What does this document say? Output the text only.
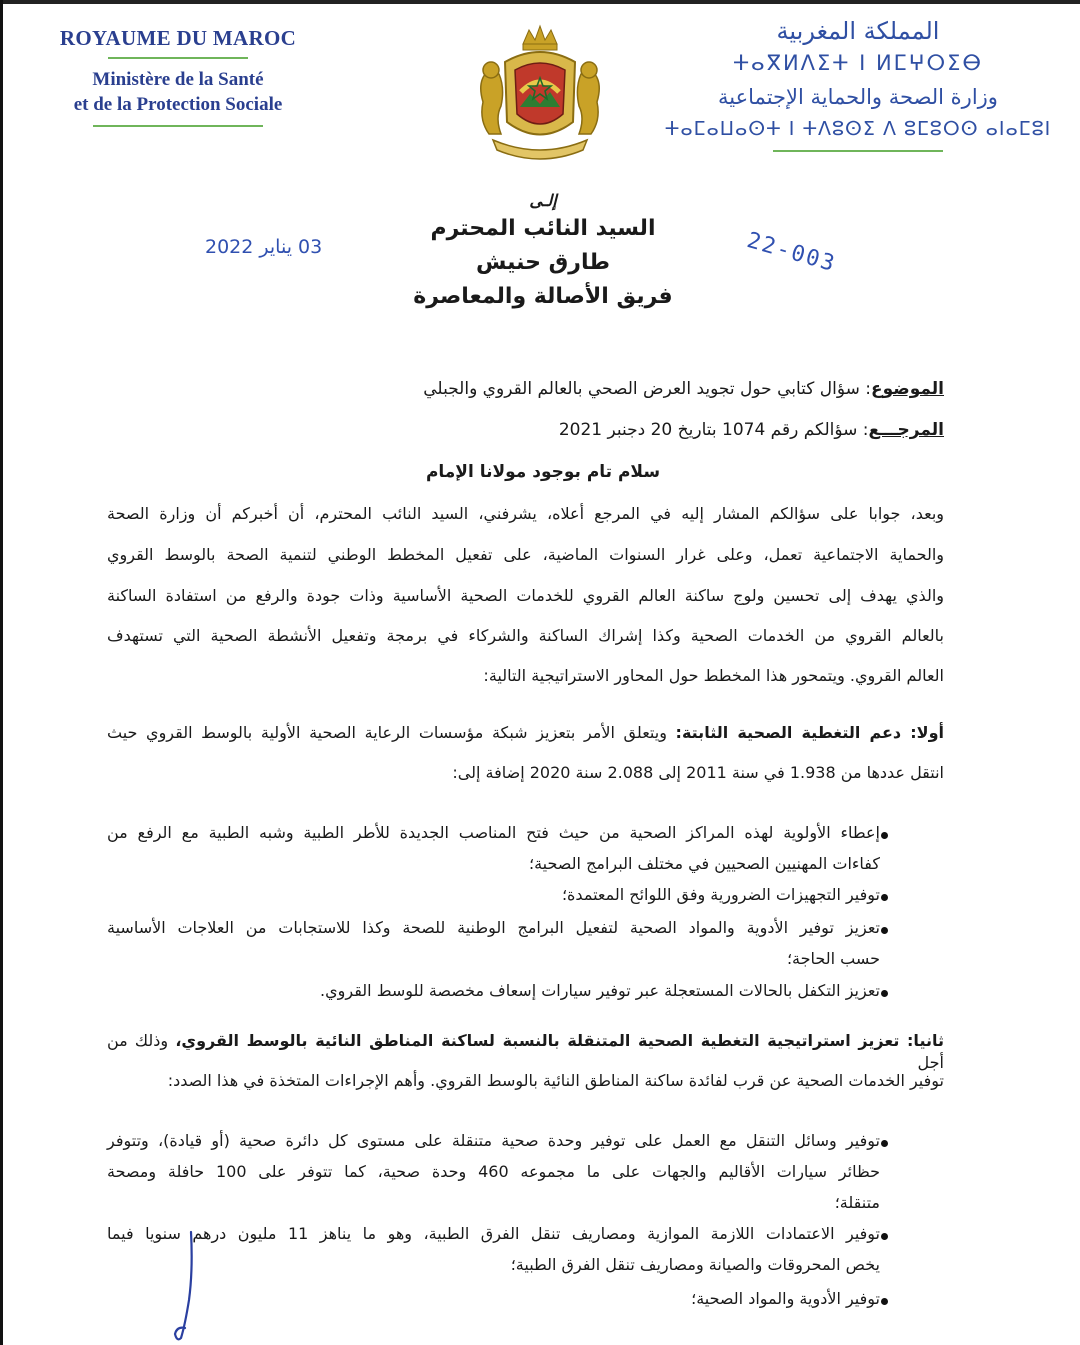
ROYAUME DU MAROC
Ministère de la Santé
et de la Protection Sociale
المملكة المغربية
ⵜⴰⴳⵍⴷⵉⵜ ⵏ ⵍⵎⵖⵔⵉⴱ
وزارة الصحة والحماية الإجتماعية
ⵜⴰⵎⴰⵡⴰⵙⵜ ⵏ ⵜⴷⵓⵙⵉ ⴷ ⵓⵎⵓⵔⵙ ⴰⵏⴰⵎⵓⵏ
03 يناير 2022	22-003
إلـى
السيد النائب المحترم
طارق حنيش
فريق الأصالة والمعاصرة
الموضوع: سؤال كتابي حول تجويد العرض الصحي بالعالم القروي والجبلي
المرجـــع: سؤالكم رقم 1074 بتاريخ 20 دجنبر 2021
سلام تام بوجود مولانا الإمام
وبعد، جوابا على سؤالكم المشار إليه في المرجع أعلاه، يشرفني، السيد النائب المحترم، أن أخبركم أن وزارة الصحة
والحماية الاجتماعية تعمل، وعلى غرار السنوات الماضية، على تفعيل المخطط الوطني لتنمية الصحة بالوسط القروي
والذي يهدف إلى تحسين ولوج ساكنة العالم القروي للخدمات الصحية الأساسية وذات جودة والرفع من استفادة الساكنة
بالعالم القروي من الخدمات الصحية وكذا إشراك الساكنة والشركاء في برمجة وتفعيل الأنشطة الصحية التي تستهدف
العالم القروي. ويتمحور هذا المخطط حول المحاور الاستراتيجية التالية:
أولا: دعم التغطية الصحية الثابتة: ويتعلق الأمر بتعزيز شبكة مؤسسات الرعاية الصحية الأولية بالوسط القروي حيث
انتقل عددها من 1.938 في سنة 2011 إلى 2.088 سنة 2020 إضافة إلى:
إعطاء الأولوية لهذه المراكز الصحية من حيث فتح المناصب الجديدة للأطر الطبية وشبه الطبية مع الرفع من
كفاءات المهنيين الصحيين في مختلف البرامج الصحية؛
توفير التجهيزات الضرورية وفق اللوائح المعتمدة؛
تعزيز توفير الأدوية والمواد الصحية لتفعيل البرامج الوطنية للصحة وكذا للاستجابات من العلاجات الأساسية
حسب الحاجة؛
تعزيز التكفل بالحالات المستعجلة عبر توفير سيارات إسعاف مخصصة للوسط القروي.
ثانيا: تعزيز استراتيجية التغطية الصحية المتنقلة بالنسبة لساكنة المناطق النائية بالوسط القروي، وذلك من أجل
توفير الخدمات الصحية عن قرب لفائدة ساكنة المناطق النائية بالوسط القروي. وأهم الإجراءات المتخذة في هذا الصدد:
توفير وسائل التنقل مع العمل على توفير وحدة صحية متنقلة على مستوى كل دائرة صحية (أو قيادة)، وتتوفر
حظائر سيارات الأقاليم والجهات على ما مجموعه 460 وحدة صحية، كما تتوفر على 100 حافلة ومصحة
متنقلة؛
توفير الاعتمادات اللازمة الموازية ومصاريف تنقل الفرق الطبية، وهو ما يناهز 11 مليون درهم سنويا فيما
يخص المحروقات والصيانة ومصاريف تنقل الفرق الطبية؛
توفير الأدوية والمواد الصحية؛
